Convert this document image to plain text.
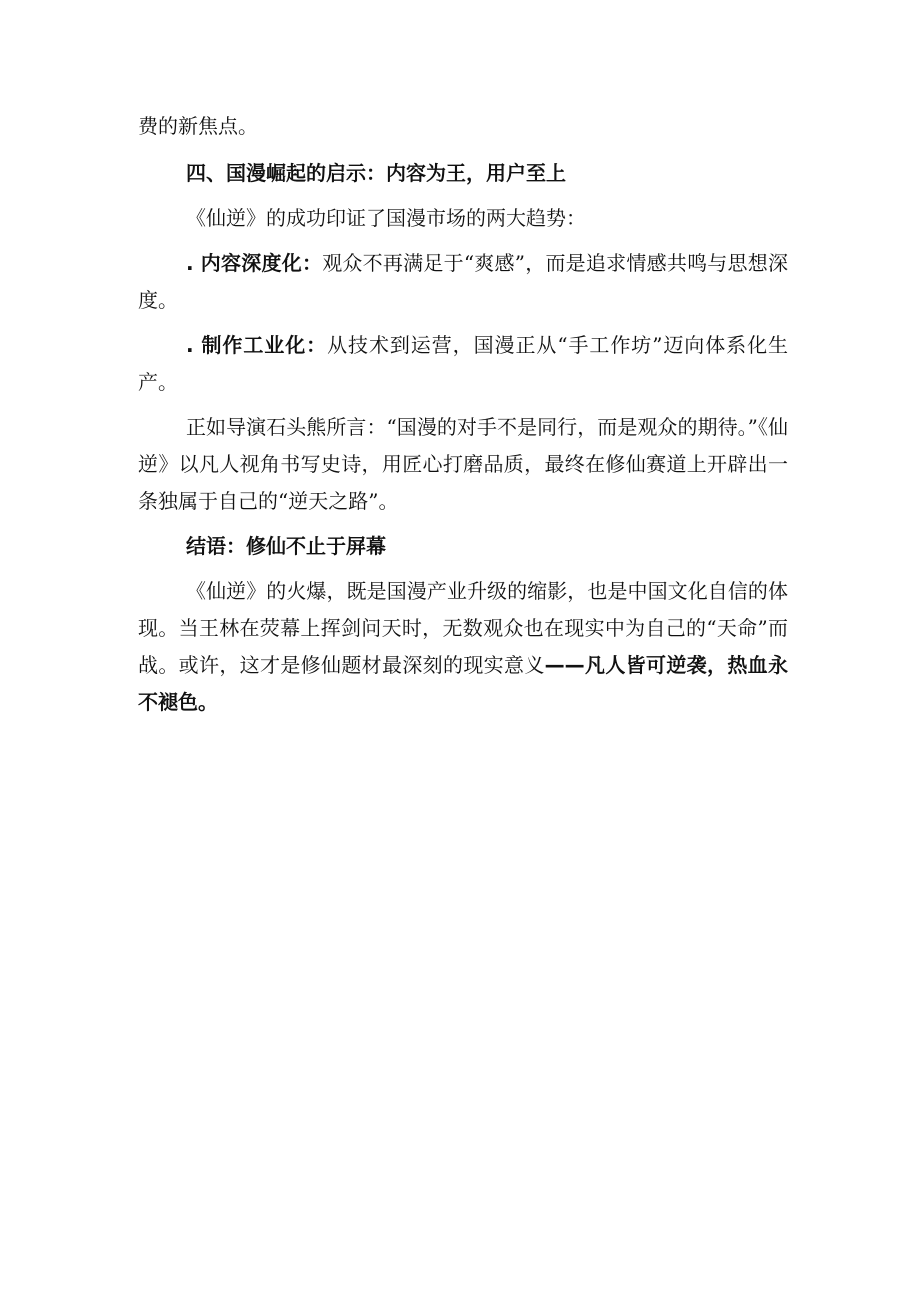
费的新焦点。

四、国漫崛起的启示：内容为王，用户至上

《仙逆》的成功印证了国漫市场的两大趋势：

. 内容深度化：观众不再满足于“爽感”，而是追求情感共鸣与思想深度。

. 制作工业化：从技术到运营，国漫正从“手工作坊”迈向体系化生产。

正如导演石头熊所言：“国漫的对手不是同行，而是观众的期待。”《仙逆》以凡人视角书写史诗，用匠心打磨品质，最终在修仙赛道上开辟出一条独属于自己的“逆天之路”。

结语：修仙不止于屏幕

《仙逆》的火爆，既是国漫产业升级的缩影，也是中国文化自信的体现。当王林在荧幕上挥剑问天时，无数观众也在现实中为自己的“天命”而战。或许，这才是修仙题材最深刻的现实意义——凡人皆可逆袭，热血永不褪色。
